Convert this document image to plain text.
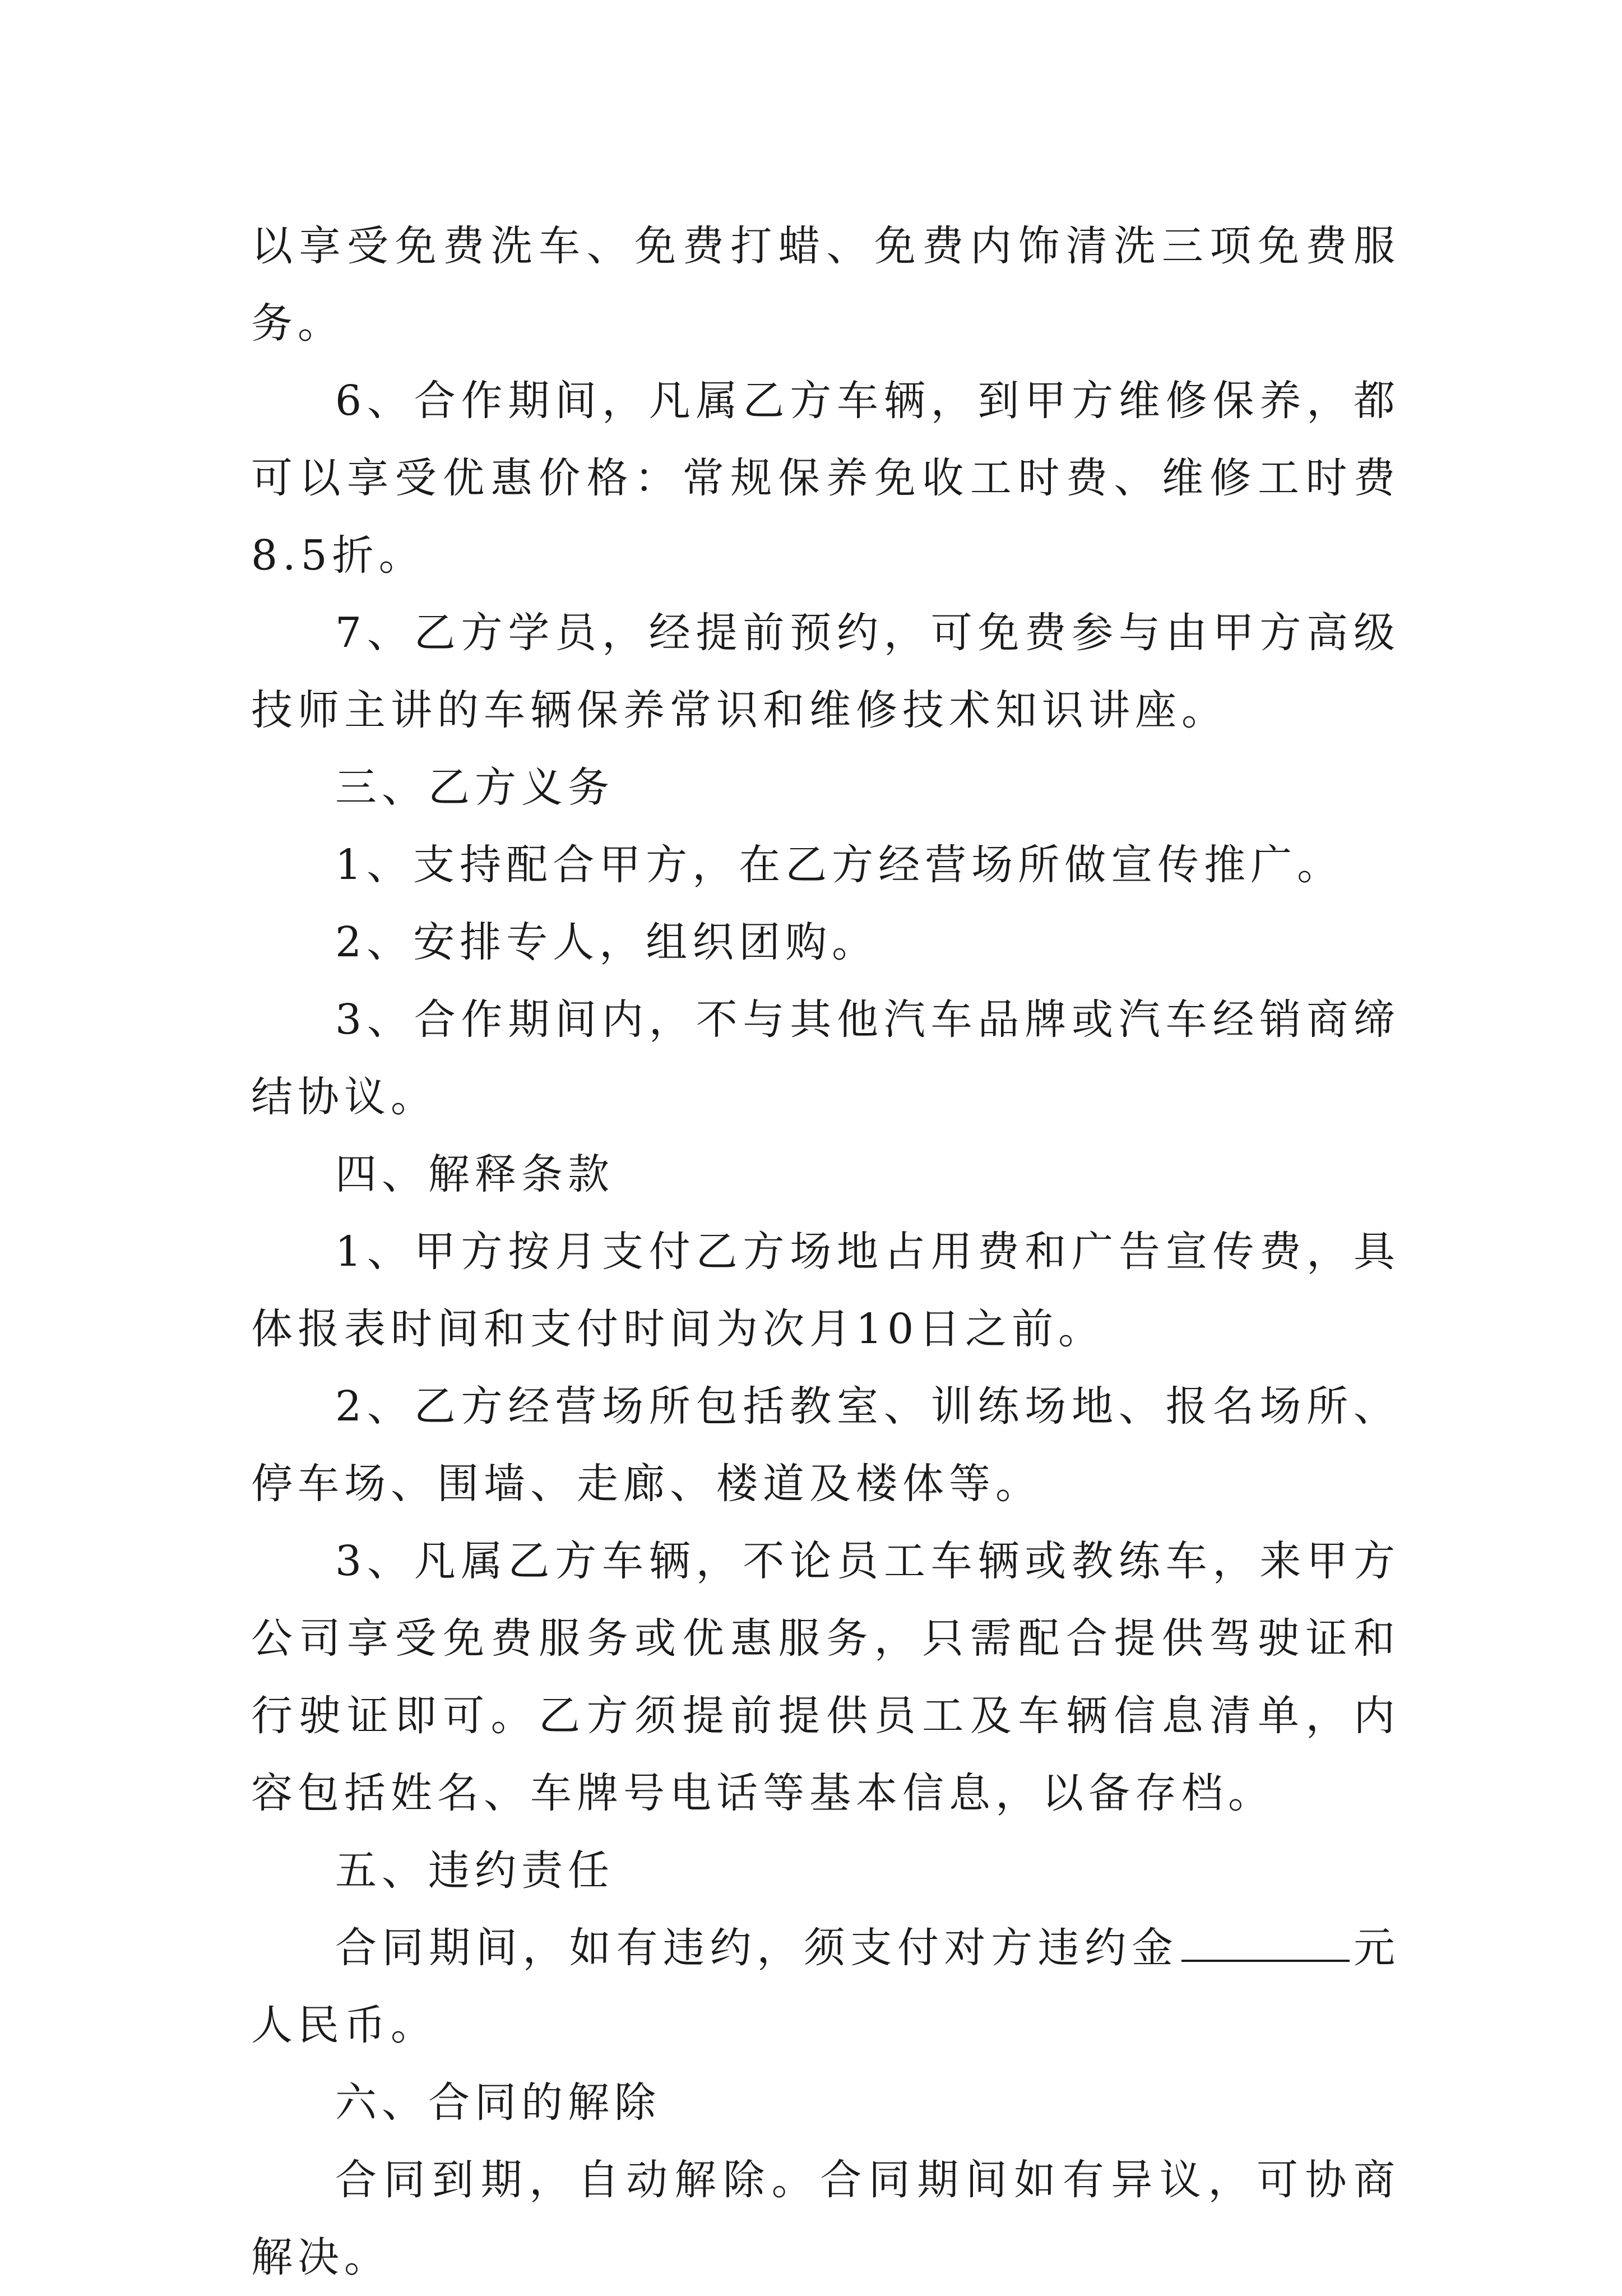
以享受免费洗车、免费打蜡、免费内饰清洗三项免费服务。

6、合作期间，凡属乙方车辆，到甲方维修保养，都可以享受优惠价格：常规保养免收工时费、维修工时费8.5折。

7、乙方学员，经提前预约，可免费参与由甲方高级技师主讲的车辆保养常识和维修技术知识讲座。

三、乙方义务

1、支持配合甲方，在乙方经营场所做宣传推广。

2、安排专人，组织团购。

3、合作期间内，不与其他汽车品牌或汽车经销商缔结协议。

四、解释条款

1、甲方按月支付乙方场地占用费和广告宣传费，具体报表时间和支付时间为次月10日之前。

2、乙方经营场所包括教室、训练场地、报名场所、停车场、围墙、走廊、楼道及楼体等。

3、凡属乙方车辆，不论员工车辆或教练车，来甲方公司享受免费服务或优惠服务，只需配合提供驾驶证和行驶证即可。乙方须提前提供员工及车辆信息清单，内容包括姓名、车牌号电话等基本信息，以备存档。

五、违约责任

合同期间，如有违约，须支付对方违约金	元人民币。

六、合同的解除

合同到期，自动解除。合同期间如有异议，可协商解决。
